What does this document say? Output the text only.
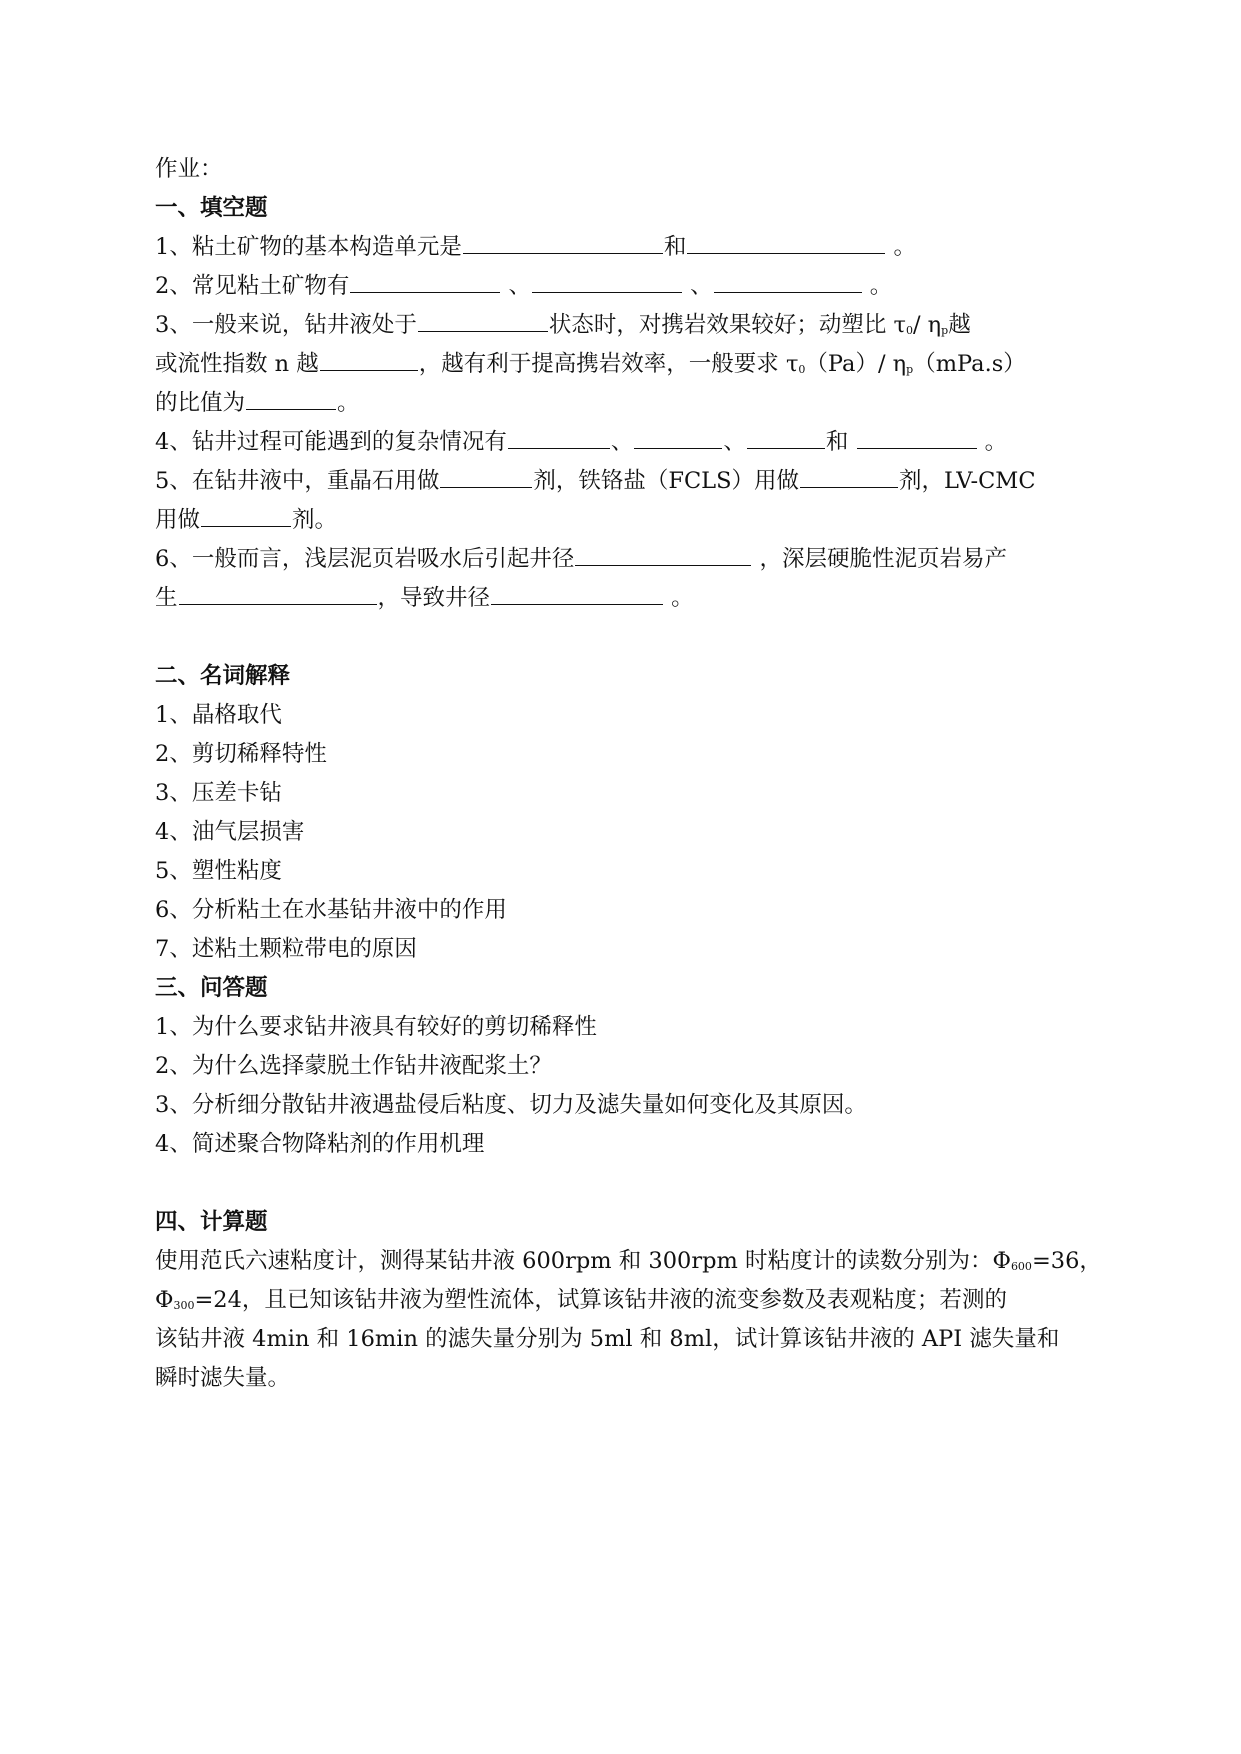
作业：
一、填空题
1、粘土矿物的基本构造单元是	和	。
2、常见粘土矿物有	、	、	。
3、一般来说，钻井液处于	状态时，对携岩效果较好；动塑比 $\tau_0/$ $\eta_p$越
或流性指数 n 越	，越有利于提高携岩效率，一般要求 $\tau_0(Pa)/$ $\eta_p(mPa.s)$
的比值为	。
4、钻井过程可能遇到的复杂情况有	、	、	和	。
5、在钻井液中，重晶石用做	剂，铁铬盐（FCLS）用做	剂，LV-CMC
用做	剂。
6、一般而言，浅层泥页岩吸水后引起井径	，深层硬脆性泥页岩易产
生	，导致井径	。
二、名词解释
1、晶格取代
2、剪切稀释特性
3、压差卡钻
4、油气层损害
5、塑性粘度
6、分析粘土在水基钻井液中的作用
7、述粘土颗粒带电的原因
三、问答题
1、为什么要求钻井液具有较好的剪切稀释性
2、为什么选择蒙脱土作钻井液配浆土？
3、分析细分散钻井液遇盐侵后粘度、切力及滤失量如何变化及其原因。
4、简述聚合物降粘剂的作用机理
四、计算题
使用范氏六速粘度计，测得某钻井液 600rpm 和 300rpm 时粘度计的读数分别为：$\Phi_{600}=36$，
$\Phi_{300}=24$，且已知该钻井液为塑性流体，试算该钻井液的流变参数及表观粘度；若测的
该钻井液 4min 和 16min 的滤失量分别为 5ml 和 8ml，试计算该钻井液的 API 滤失量和
瞬时滤失量。
